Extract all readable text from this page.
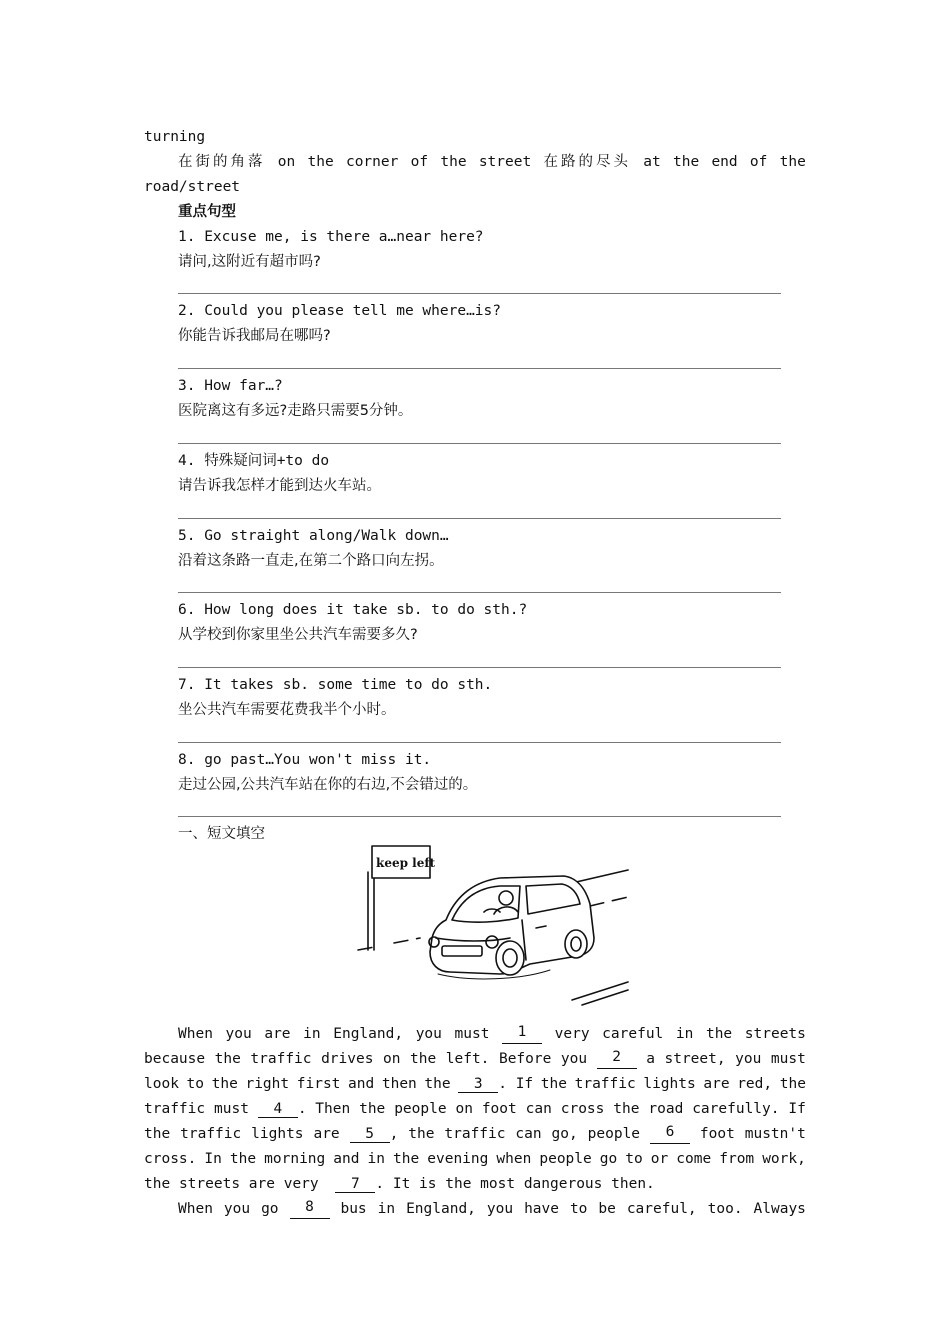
turning
在街的角落 on the corner of the street 在路的尽头 at the end of the
road/street
重点句型
1. Excuse me, is there a…near here?
请问,这附近有超市吗?
2. Could you please tell me where…is?
你能告诉我邮局在哪吗?
3. How far…?
医院离这有多远?走路只需要5分钟。
4. 特殊疑问词+to do
请告诉我怎样才能到达火车站。
5. Go straight along/Walk down…
沿着这条路一直走,在第二个路口向左拐。
6. How long does it take sb. to do sth.?
从学校到你家里坐公共汽车需要多久?
7. It takes sb. some time to do sth.
坐公共汽车需要花费我半个小时。
8. go past…You won't miss it.
走过公园,公共汽车站在你的右边,不会错过的。
一、短文填空
keep left
When you are in England, you must	1	very careful in the streets
because the traffic drives on the left. Before you	2	a street, you must
look to the right first and then the	3 . If the traffic lights are red, the
traffic must	4 . Then the people on foot can cross the road carefully. If
the traffic lights are	5 , the traffic can go, people	6	foot mustn't
cross. In the morning and in the evening when people go to or come from work,
the streets are very 7 . It is the most dangerous then.
When you go	8	bus in England, you have to be careful, too. Always
